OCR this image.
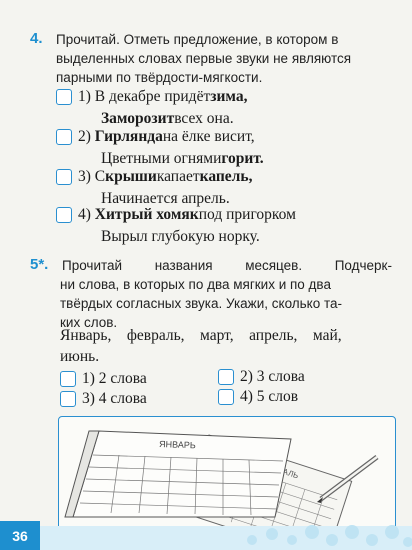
4. Прочитай. Отметь предложение, в котором в
выделенных словах первые звуки не являются
парными по твёрдости-мягкости.
1)
В декабре придёт зима,
Заморозит всех она.
2)
Гирлянда на ёлке висит,
Цветными огнями горит.
3)
С крыши капает капель,
Начинается апрель.
4)
Хитрый хомяк под пригорком
Вырыл глубокую норку.
5*. Прочитай названия месяцев. Подчерк-
ни слова, в которых по два мягких и по два
твёрдых согласных звука. Укажи, сколько та-
ких слов.
Январь,    февраль,    март,    апрель,    май,
июнь.
1)
2 слова	2)
3 слова
3)
4 слова	4)
5 слов
ЯНВАРЬ
36
